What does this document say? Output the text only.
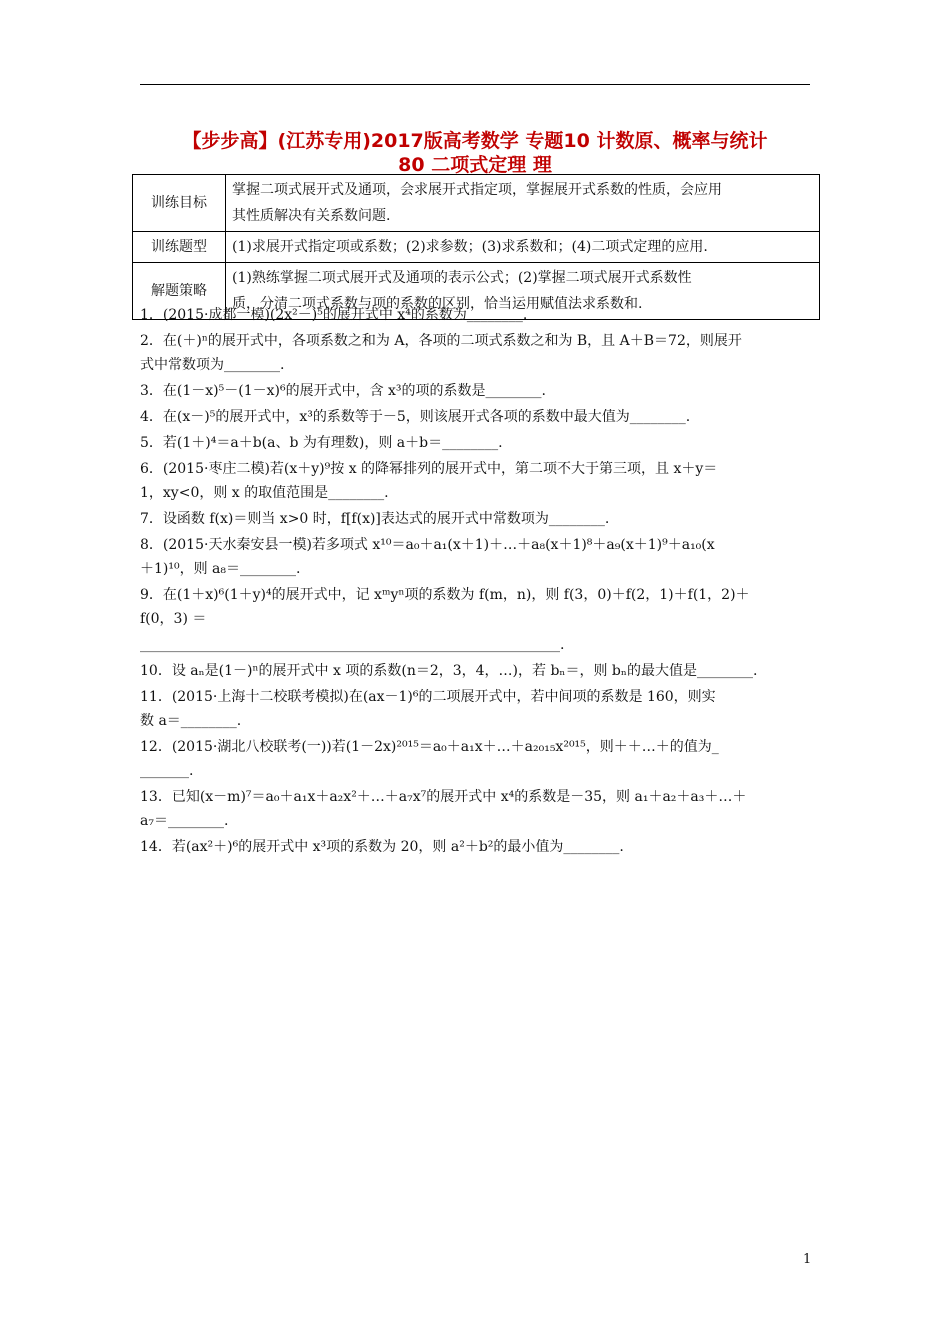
【步步高】(江苏专用)2017版高考数学 专题10 计数原、概率与统计
80 二项式定理 理
训练目标	掌握二项式展开式及通项，会求展开式指定项，掌握展开式系数的性质，会应用
其性质解决有关系数问题.

训练题型	(1)求展开式指定项或系数；(2)求参数；(3)求系数和；(4)二项式定理的应用.

解题策略	(1)熟练掌握二项式展开式及通项的表示公式；(2)掌握二项式展开式系数性
质，分清二项式系数与项的系数的区别，恰当运用赋值法求系数和.
1．(2015·成都一模)(2x²－)⁵的展开式中 x⁴的系数为________.
2．在(＋)ⁿ的展开式中，各项系数之和为 A，各项的二项式系数之和为 B，且 A＋B＝72，则展开
式中常数项为________.
3．在(1－x)⁵－(1－x)⁶的展开式中，含 x³的项的系数是________.
4．在(x－)⁵的展开式中，x³的系数等于－5，则该展开式各项的系数中最大值为________.
5．若(1＋)⁴＝a＋b(a、b 为有理数)，则 a＋b＝________.
6．(2015·枣庄二模)若(x＋y)⁹按 x 的降幂排列的展开式中，第二项不大于第三项，且 x＋y＝
1，xy<0，则 x 的取值范围是________.
7．设函数 f(x)＝则当 x>0 时，f[f(x)]表达式的展开式中常数项为________.
8．(2015·天水秦安县一模)若多项式 x¹⁰＝a₀＋a₁(x＋1)＋…＋a₈(x＋1)⁸＋a₉(x＋1)⁹＋a₁₀(x
＋1)¹⁰，则 a₈＝________.
9．在(1＋x)⁶(1＋y)⁴的展开式中，记 xᵐyⁿ项的系数为 f(m，n)，则 f(3，0)＋f(2，1)＋f(1，2)＋
f(0，3) ＝
____________________________________________________________.
10．设 aₙ是(1－)ⁿ的展开式中 x 项的系数(n＝2，3，4，…)，若 bₙ＝，则 bₙ的最大值是________.
11．(2015·上海十二校联考模拟)在(ax－1)⁶的二项展开式中，若中间项的系数是 160，则实
数 a＝________.
12．(2015·湖北八校联考(一))若(1－2x)²⁰¹⁵＝a₀＋a₁x＋…＋a₂₀₁₅x²⁰¹⁵，则＋＋…＋的值为_
_______.
13．已知(x－m)⁷＝a₀＋a₁x＋a₂x²＋…＋a₇x⁷的展开式中 x⁴的系数是－35，则 a₁＋a₂＋a₃＋…＋
a₇＝________.
14．若(ax²＋)⁶的展开式中 x³项的系数为 20，则 a²＋b²的最小值为________.
1
